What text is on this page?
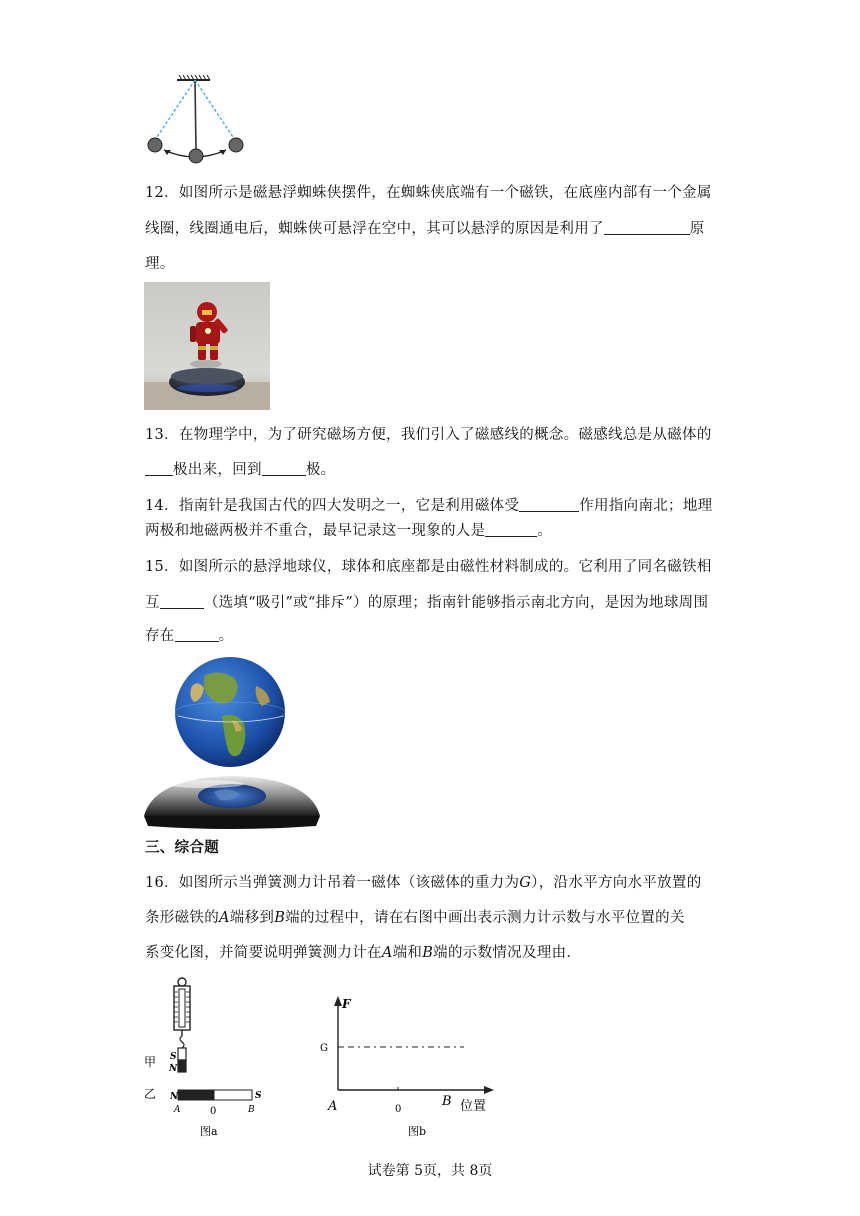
12．如图所示是磁悬浮蜘蛛侠摆件，在蜘蛛侠底端有一个磁铁，在底座内部有一个金属
线圈，线圈通电后，蜘蛛侠可悬浮在空中，其可以悬浮的原因是利用了	原
理。
13．在物理学中，为了研究磁场方便，我们引入了磁感线的概念。磁感线总是从磁体的
极出来，回到	极。
14．指南针是我国古代的四大发明之一，它是利用磁体受	作用指向南北；地理
两极和地磁两极并不重合，最早记录这一现象的人是	。
15．如图所示的悬浮地球仪，球体和底座都是由磁性材料制成的。它利用了同名磁铁相
互	（选填“吸引”或“排斥”）的原理；指南针能够指示南北方向，是因为地球周围
存在	。
三、综合题
16．如图所示当弹簧测力计吊着一磁体（该磁体的重力为G），沿水平方向水平放置的
条形磁铁的A端移到B端的过程中，请在右图中画出表示测力计示数与水平位置的关
系变化图，并简要说明弹簧测力计在A端和B端的示数情况及理由．
甲 S
N
乙 N	S
A	0	B
图a
F
G
A	0
B 位置
图b
试卷第 5页，共 8页
